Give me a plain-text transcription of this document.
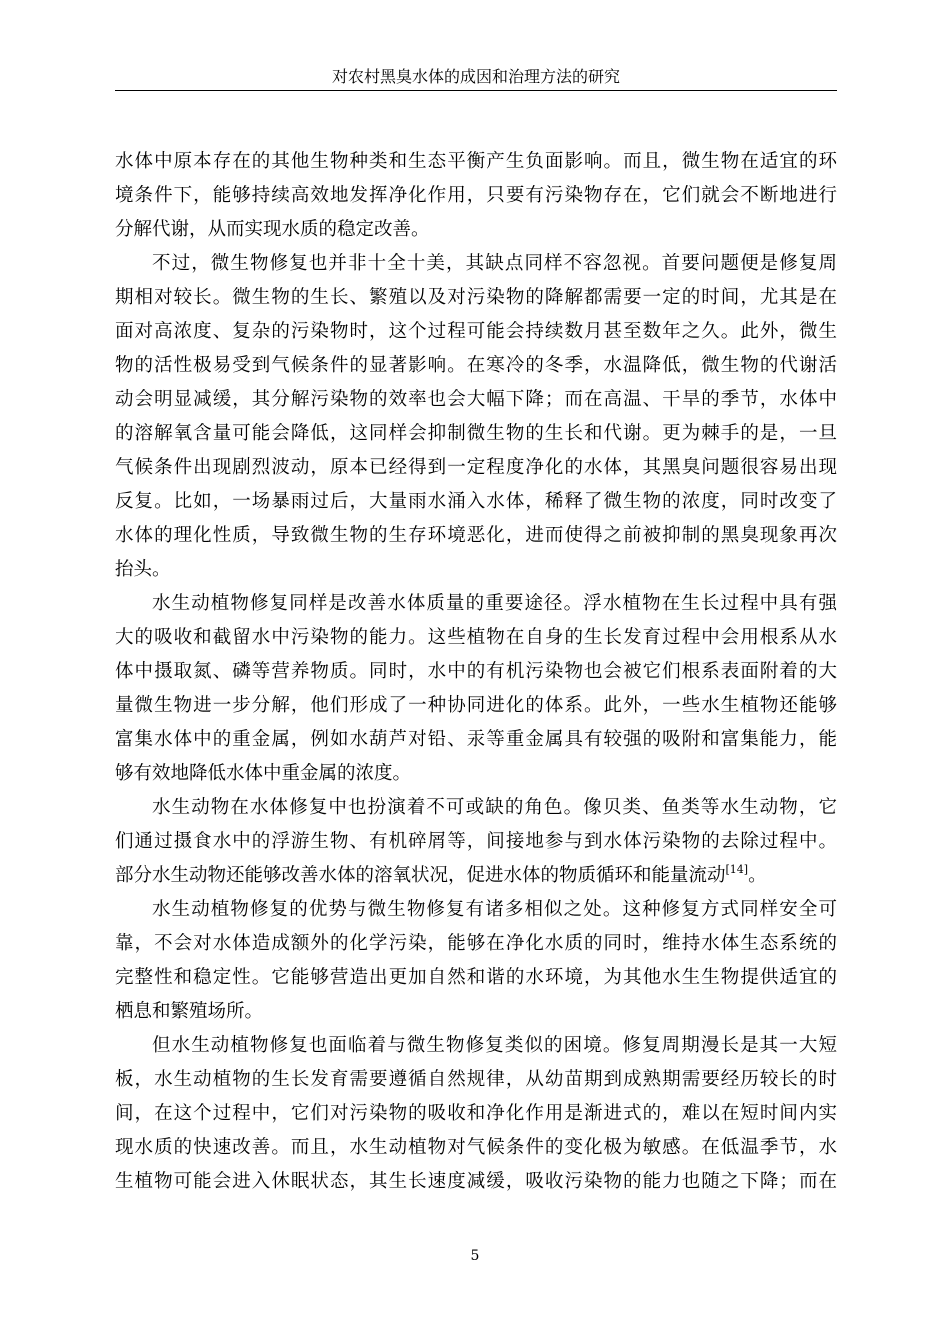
对农村黑臭水体的成因和治理方法的研究
水体中原本存在的其他生物种类和生态平衡产生负面影响。而且，微生物在适宜的环
境条件下，能够持续高效地发挥净化作用，只要有污染物存在，它们就会不断地进行
分解代谢，从而实现水质的稳定改善。
不过，微生物修复也并非十全十美，其缺点同样不容忽视。首要问题便是修复周
期相对较长。微生物的生长、繁殖以及对污染物的降解都需要一定的时间，尤其是在
面对高浓度、复杂的污染物时，这个过程可能会持续数月甚至数年之久。此外，微生
物的活性极易受到气候条件的显著影响。在寒冷的冬季，水温降低，微生物的代谢活
动会明显减缓，其分解污染物的效率也会大幅下降；而在高温、干旱的季节，水体中
的溶解氧含量可能会降低，这同样会抑制微生物的生长和代谢。更为棘手的是，一旦
气候条件出现剧烈波动，原本已经得到一定程度净化的水体，其黑臭问题很容易出现
反复。比如，一场暴雨过后，大量雨水涌入水体，稀释了微生物的浓度，同时改变了
水体的理化性质，导致微生物的生存环境恶化，进而使得之前被抑制的黑臭现象再次
抬头。
水生动植物修复同样是改善水体质量的重要途径。浮水植物在生长过程中具有强
大的吸收和截留水中污染物的能力。这些植物在自身的生长发育过程中会用根系从水
体中摄取氮、磷等营养物质。同时，水中的有机污染物也会被它们根系表面附着的大
量微生物进一步分解，他们形成了一种协同进化的体系。此外，一些水生植物还能够
富集水体中的重金属，例如水葫芦对铅、汞等重金属具有较强的吸附和富集能力，能
够有效地降低水体中重金属的浓度。
水生动物在水体修复中也扮演着不可或缺的角色。像贝类、鱼类等水生动物，它
们通过摄食水中的浮游生物、有机碎屑等，间接地参与到水体污染物的去除过程中。
部分水生动物还能够改善水体的溶氧状况，促进水体的物质循环和能量流动[14]。
水生动植物修复的优势与微生物修复有诸多相似之处。这种修复方式同样安全可
靠，不会对水体造成额外的化学污染，能够在净化水质的同时，维持水体生态系统的
完整性和稳定性。它能够营造出更加自然和谐的水环境，为其他水生生物提供适宜的
栖息和繁殖场所。
但水生动植物修复也面临着与微生物修复类似的困境。修复周期漫长是其一大短
板，水生动植物的生长发育需要遵循自然规律，从幼苗期到成熟期需要经历较长的时
间，在这个过程中，它们对污染物的吸收和净化作用是渐进式的，难以在短时间内实
现水质的快速改善。而且，水生动植物对气候条件的变化极为敏感。在低温季节，水
生植物可能会进入休眠状态，其生长速度减缓，吸收污染物的能力也随之下降；而在
5
